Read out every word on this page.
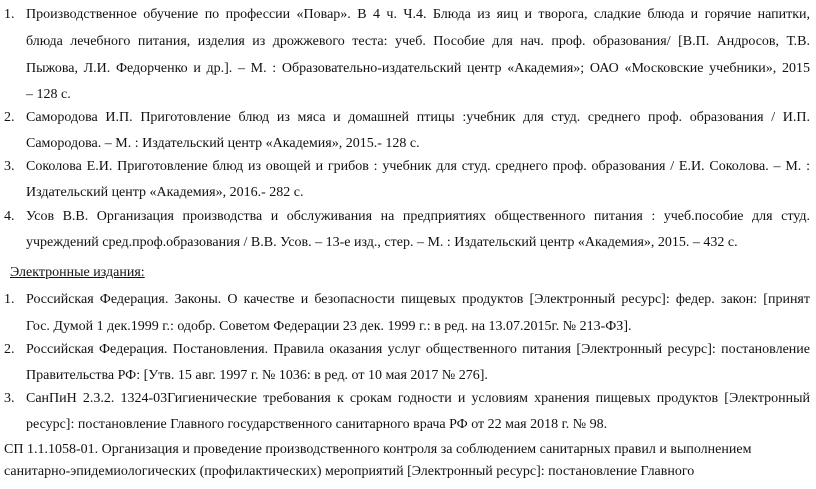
1. Производственное обучение по профессии «Повар». В 4 ч. Ч.4. Блюда из яиц и творога, сладкие блюда и горячие напитки,
блюда лечебного питания, изделия из дрожжевого теста: учеб. Пособие для нач. проф. образования/ [В.П. Андросов, Т.В.
Пыжова, Л.И. Федорченко и др.]. – М. : Образовательно-издательский центр «Академия»; ОАО «Московские учебники», 2015
– 128 с.
2. Самородова И.П. Приготовление блюд из мяса и домашней птицы :учебник для студ. среднего проф. образования / И.П.
Самородова. – М. : Издательский центр «Академия», 2015.- 128 с.
3. Соколова Е.И. Приготовление блюд из овощей и грибов : учебник для студ. среднего проф. образования / Е.И. Соколова. – М. :
Издательский центр «Академия», 2016.- 282 с.
4. Усов В.В. Организация производства и обслуживания на предприятиях общественного питания : учеб.пособие для студ.
учреждений сред.проф.образования / В.В. Усов. – 13-е изд., стер. – М. : Издательский центр «Академия», 2015. – 432 с.
Электронные издания:
1. Российская Федерация. Законы. О качестве и безопасности пищевых продуктов [Электронный ресурс]: федер. закон: [принят
Гос. Думой 1 дек.1999 г.: одобр. Советом Федерации 23 дек. 1999 г.: в ред. на 13.07.2015г. № 213-ФЗ].
2. Российская Федерация. Постановления. Правила оказания услуг общественного питания [Электронный ресурс]: постановление
Правительства РФ: [Утв. 15 авг. 1997 г. № 1036: в ред. от 10 мая 2017 № 276].
3. СанПиН 2.3.2. 1324-03Гигиенические требования к срокам годности и условиям хранения пищевых продуктов [Электронный
ресурс]: постановление Главного государственного санитарного врача РФ от 22 мая 2018 г. № 98.
СП 1.1.1058-01. Организация и проведение производственного контроля за соблюдением санитарных правил и выполнением
санитарно-эпидемиологических (профилактических) мероприятий [Электронный ресурс]: постановление Главного
